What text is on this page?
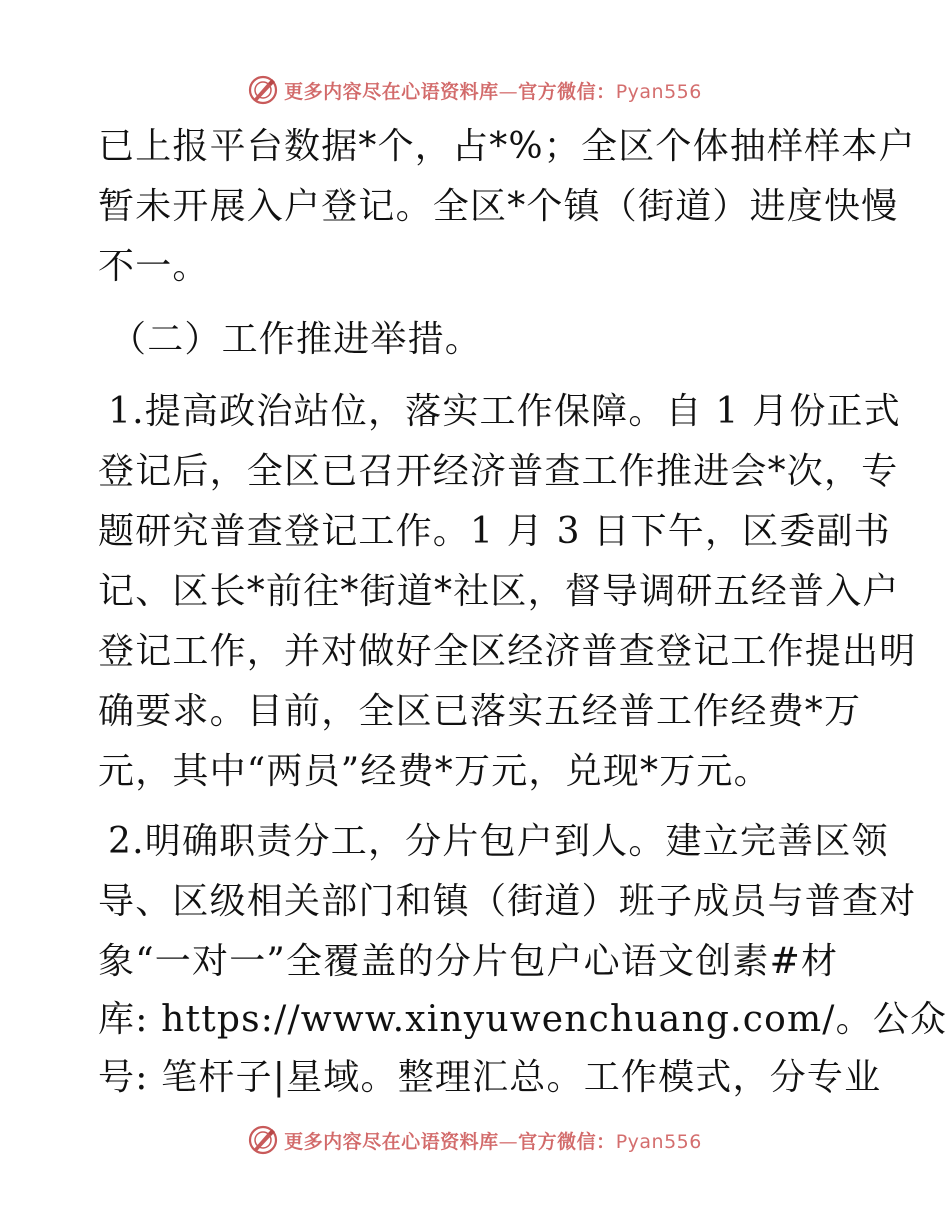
更多内容尽在心语资料库—官方微信：Pyan556
已上报平台数据*个，占*%；全区个体抽样样本户
暂未开展入户登记。全区*个镇（街道）进度快慢
不一。
（二）工作推进举措。
1.提高政治站位，落实工作保障。自 1 月份正式
登记后，全区已召开经济普查工作推进会*次，专
题研究普查登记工作。1 月 3 日下午，区委副书
记、区长*前往*街道*社区，督导调研五经普入户
登记工作，并对做好全区经济普查登记工作提出明
确要求。目前，全区已落实五经普工作经费*万
元，其中“两员”经费*万元，兑现*万元。
2.明确职责分工，分片包户到人。建立完善区领
导、区级相关部门和镇（街道）班子成员与普查对
象“一对一”全覆盖的分片包户心语文创素#材
库: https://www.xinyuwenchuang.com/。公众
号: 笔杆子|星域。整理汇总。工作模式，分专业
更多内容尽在心语资料库—官方微信：Pyan556
